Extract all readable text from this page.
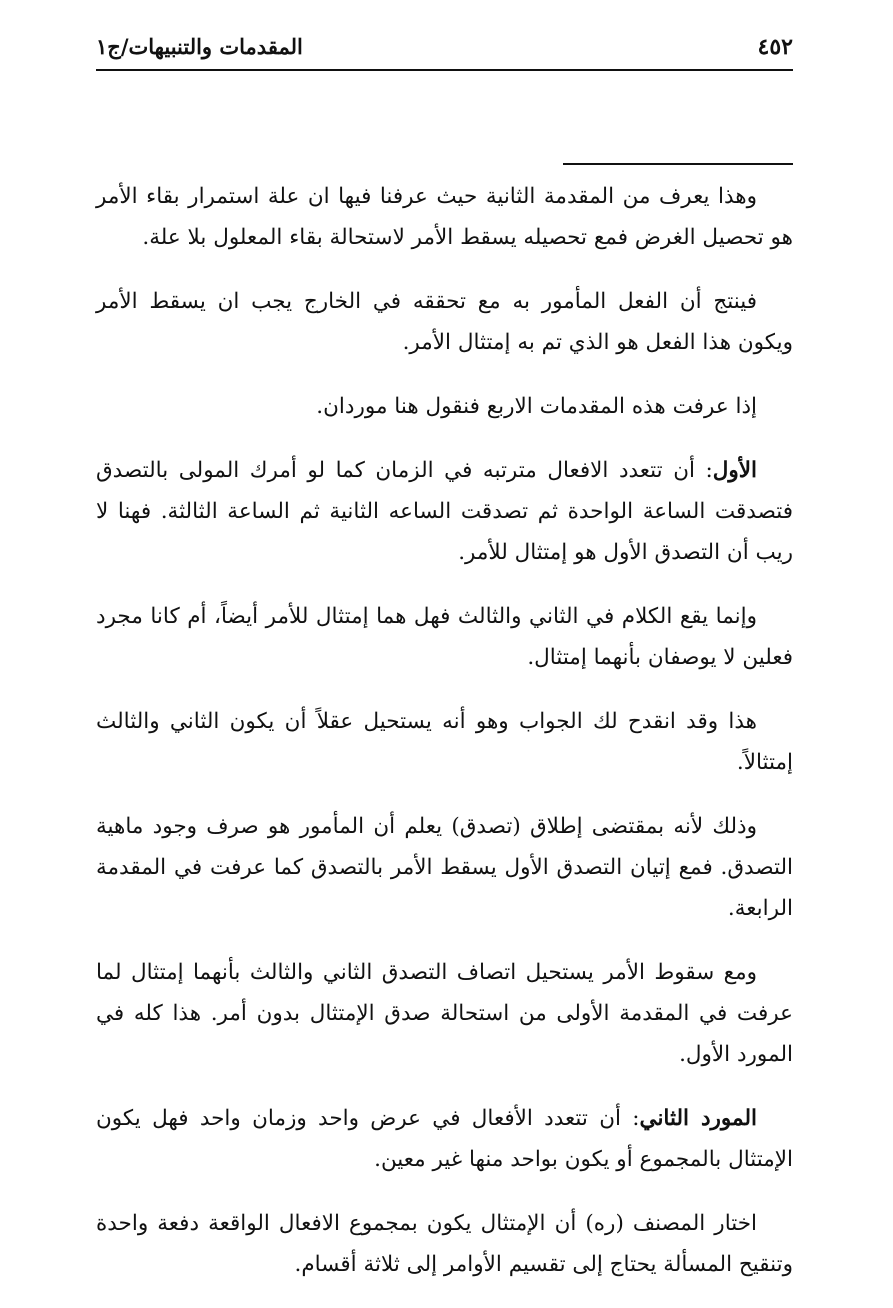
٤٥٢
المقدمات والتنبيهات/ج١

وهذا يعرف من المقدمة الثانية حيث عرفنا فيها ان علة استمرار بقاء الأمر هو تحصيل الغرض فمع تحصيله يسقط الأمر لاستحالة بقاء المعلول بلا علة.

فينتج أن الفعل المأمور به مع تحققه في الخارج يجب ان يسقط الأمر ويكون هذا الفعل هو الذي تم به إمتثال الأمر.

إذا عرفت هذه المقدمات الاربع فنقول هنا موردان.

الأول: أن تتعدد الافعال مترتبه في الزمان كما لو أمرك المولى بالتصدق فتصدقت الساعة الواحدة ثم تصدقت الساعه الثانية ثم الساعة الثالثة. فهنا لا ريب أن التصدق الأول هو إمتثال للأمر.

وإنما يقع الكلام في الثاني والثالث فهل هما إمتثال للأمر أيضاً، أم كانا مجرد فعلين لا يوصفان بأنهما إمتثال.

هذا وقد انقدح لك الجواب وهو أنه يستحيل عقلاً أن يكون الثاني والثالث إمتثالاً.

وذلك لأنه بمقتضى إطلاق (تصدق) يعلم أن المأمور هو صرف وجود ماهية التصدق. فمع إتيان التصدق الأول يسقط الأمر بالتصدق كما عرفت في المقدمة الرابعة.

ومع سقوط الأمر يستحيل اتصاف التصدق الثاني والثالث بأنهما إمتثال لما عرفت في المقدمة الأولى من استحالة صدق الإمتثال بدون أمر. هذا كله في المورد الأول.

المورد الثاني: أن تتعدد الأفعال في عرض واحد وزمان واحد فهل يكون الإمتثال بالمجموع أو يكون بواحد منها غير معين.

اختار المصنف (ره) أن الإمتثال يكون بمجموع الافعال الواقعة دفعة واحدة وتنقيح المسألة يحتاج إلى تقسيم الأوامر إلى ثلاثة أقسام.
